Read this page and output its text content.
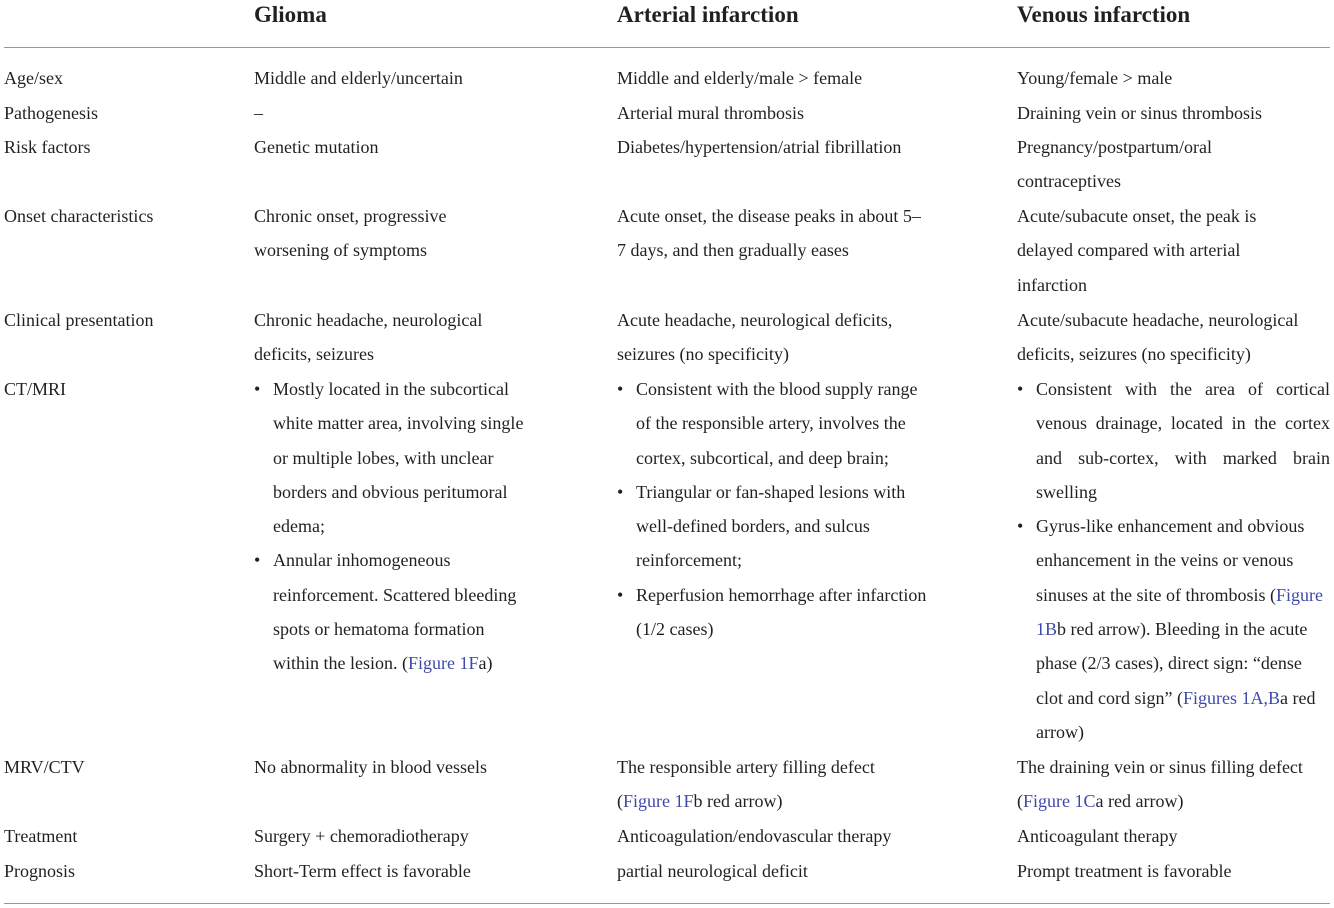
Glioma	Arterial infarction	Venous infarction
Age/sex	Middle and elderly/uncertain	Middle and elderly/male > female	Young/female > male
Pathogenesis	–	Arterial mural thrombosis	Draining vein or sinus thrombosis
Risk factors	Genetic mutation	Diabetes/hypertension/atrial fibrillation	Pregnancy/postpartum/oral contraceptives
Onset characteristics	Chronic onset, progressive worsening of symptoms
Acute onset, the disease peaks in about 5–7 days, and then gradually eases
Acute/subacute onset, the peak is delayed compared with arterial infarction
Clinical presentation	Chronic headache, neurological deficits, seizures
Acute headache, neurological deficits, seizures (no specificity)
Acute/subacute headache, neurological deficits, seizures (no specificity)
CT/MRI
•	Mostly located in the subcortical white matter area, involving single or multiple lobes, with unclear borders and obvious peritumoral edema;
• Annular inhomogeneous reinforcement. Scattered bleeding spots or hematoma formation within the lesion. (Figure 1Fa)
• Consistent with the blood supply range of the responsible artery, involves the cortex, subcortical, and deep brain;
• Triangular or fan-shaped lesions with well-defined borders, and sulcus reinforcement;
• Reperfusion hemorrhage after infarction (1/2 cases)
• Consistent with the area of cortical venous drainage, located in the cortex and sub-cortex, with marked brain swelling
• Gyrus-like enhancement and obvious enhancement in the veins or venous sinuses at the site of thrombosis (Figure 1Bb red arrow). Bleeding in the acute phase (2/3 cases), direct sign: “dense clot and cord sign” (Figures 1A,Ba red arrow)
MRV/CTV	No abnormality in blood vessels	The responsible artery filling defect (Figure 1Fb red arrow)
The draining vein or sinus filling defect (Figure 1Ca red arrow)
Treatment	Surgery + chemoradiotherapy	Anticoagulation/endovascular therapy	Anticoagulant therapy
Prognosis	Short-Term effect is favorable	partial neurological deficit	Prompt treatment is favorable
